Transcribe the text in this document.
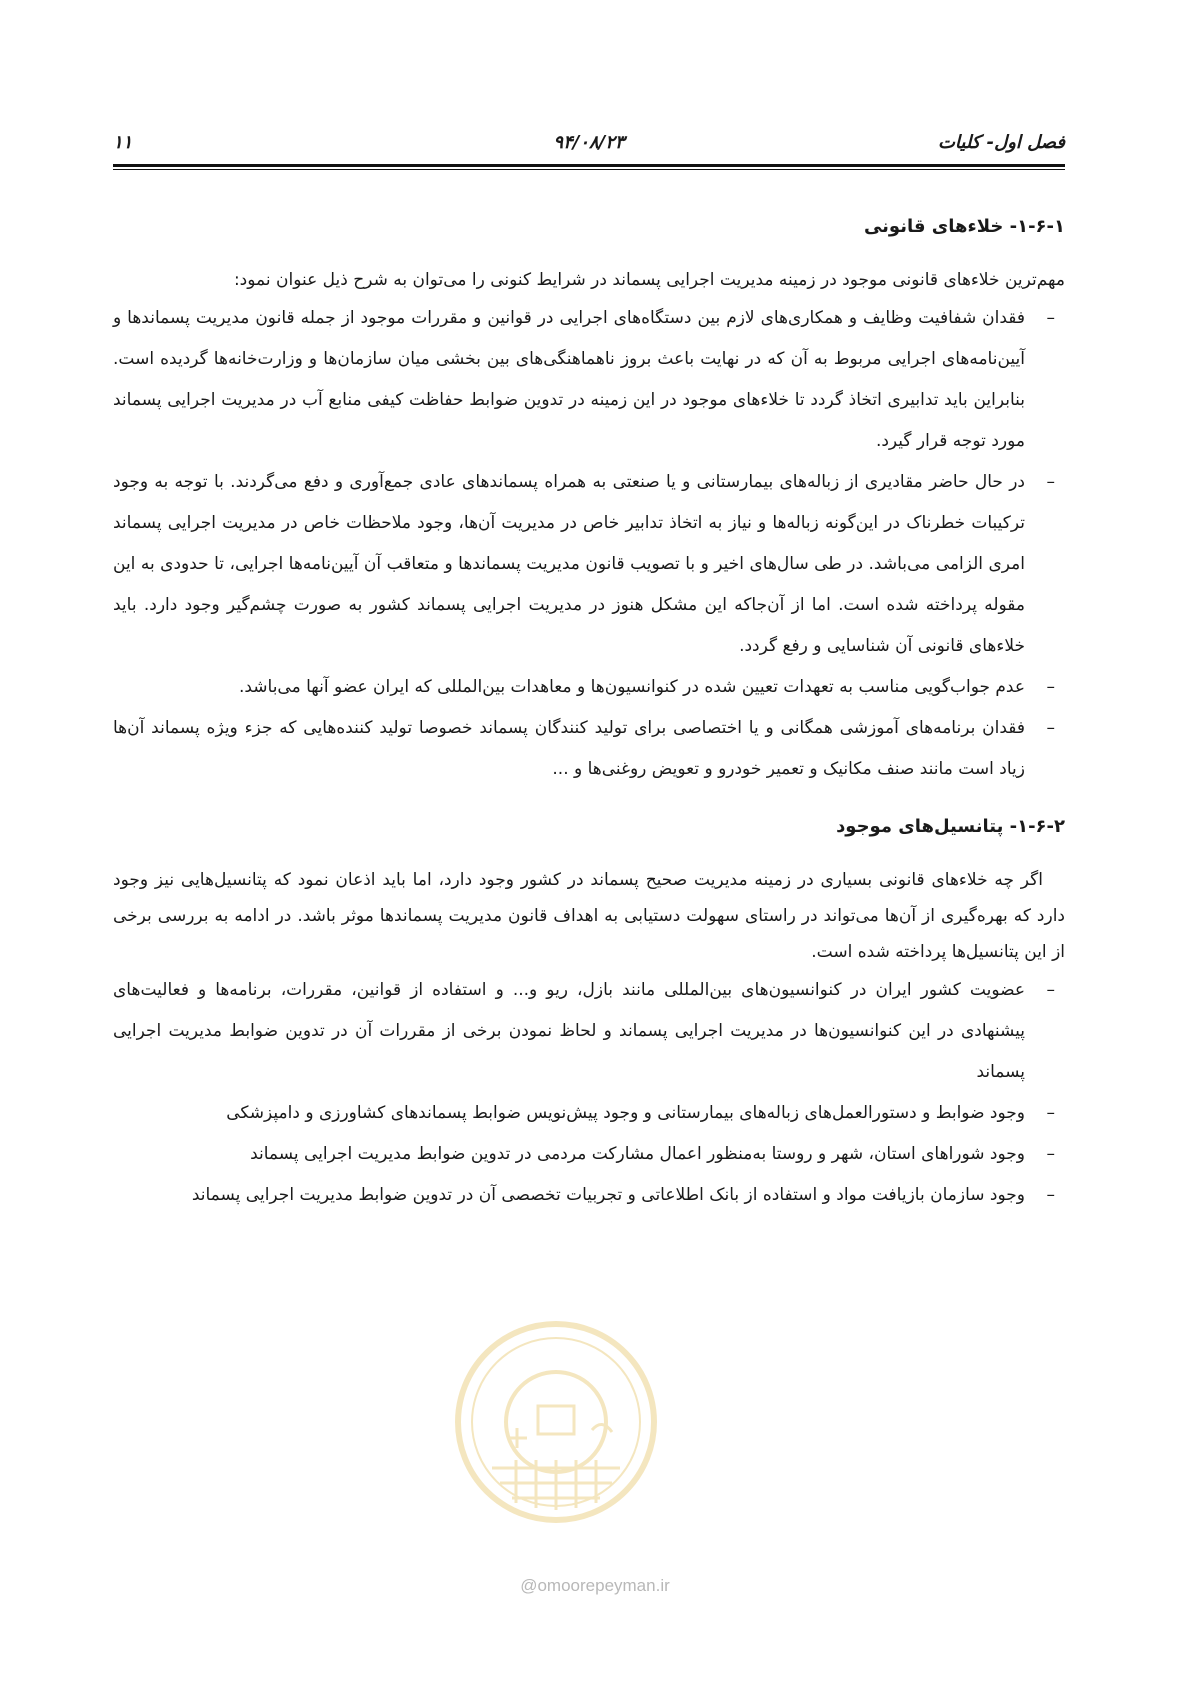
فصل اول- کلیات
۹۴/۰۸/۲۳
۱۱
۱-۶-۱- خلاءهای قانونی

مهم‌ترین خلاءهای قانونی موجود در زمینه مدیریت اجرایی پسماند در شرایط کنونی را می‌توان به شرح ذیل عنوان نمود:

–
فقدان شفافیت وظایف و همکاری‌های لازم بین دستگاه‌های اجرایی در قوانین و مقررات موجود از جمله قانون مدیریت پسماندها و آیین‌نامه‌های اجرایی مربوط به آن که در نهایت باعث بروز ناهماهنگی‌های بین بخشی میان سازمان‌ها و وزارت‌خانه‌ها گردیده است. بنابراین باید تدابیری اتخاذ گردد تا خلاءهای موجود در این زمینه در تدوین ضوابط حفاظت کیفی منابع آب در مدیریت اجرایی پسماند مورد توجه قرار گیرد.
–
در حال حاضر مقادیری از زباله‌های بیمارستانی و یا صنعتی به همراه پسماندهای عادی جمع‌آوری و دفع می‌گردند. با توجه به وجود ترکیبات خطرناک در این‌گونه زباله‌ها و نیاز به اتخاذ تدابیر خاص در مدیریت آن‌ها، وجود ملاحظات خاص در مدیریت اجرایی پسماند امری الزامی می‌باشد. در طی سال‌های اخیر و با تصویب قانون مدیریت پسماندها و متعاقب آن آیین‌نامه‌ها اجرایی، تا حدودی به این مقوله پرداخته شده است. اما از آن‌جاکه این مشکل هنوز در مدیریت اجرایی پسماند کشور به صورت چشم‌گیر وجود دارد. باید خلاءهای قانونی آن شناسایی و رفع گردد.
–
عدم جواب‌گویی مناسب به تعهدات تعیین شده در کنوانسیون‌ها و معاهدات بین‌المللی که ایران عضو آنها می‌باشد.
–
فقدان برنامه‌های آموزشی همگانی و یا اختصاصی برای تولید کنندگان پسماند خصوصا تولید کننده‌هایی که جزء ویژه پسماند آن‌ها زیاد است مانند صنف مکانیک و تعمیر خودرو و تعویض روغنی‌ها و ...
۱-۶-۲- پتانسیل‌های موجود

اگر چه خلاءهای قانونی بسیاری در زمینه مدیریت صحیح پسماند در کشور وجود دارد، اما باید اذعان نمود که پتانسیل‌هایی نیز وجود دارد که بهره‌گیری از آن‌ها می‌تواند در راستای سهولت دستیابی به اهداف قانون مدیریت پسماندها موثر باشد. در ادامه به بررسی برخی از این پتانسیل‌ها پرداخته شده است.

–
عضویت کشور ایران در کنوانسیون‌های بین‌المللی مانند بازل، ریو و... و استفاده از قوانین، مقررات، برنامه‌ها و فعالیت‌های پیشنهادی در این کنوانسیون‌ها در مدیریت اجرایی پسماند و لحاظ نمودن برخی از مقررات آن در تدوین ضوابط مدیریت اجرایی پسماند
–
وجود ضوابط و دستورالعمل‌های زباله‌های بیمارستانی و وجود پیش‌نویس ضوابط پسماندهای کشاورزی و دامپزشکی
–
وجود شوراهای استان، شهر و روستا به‌منظور اعمال مشارکت مردمی در تدوین ضوابط مدیریت اجرایی پسماند
–
وجود سازمان بازیافت مواد و استفاده از بانک اطلاعاتی و تجربیات تخصصی آن در تدوین ضوابط مدیریت اجرایی پسماند
@omoorepeyman.ir
